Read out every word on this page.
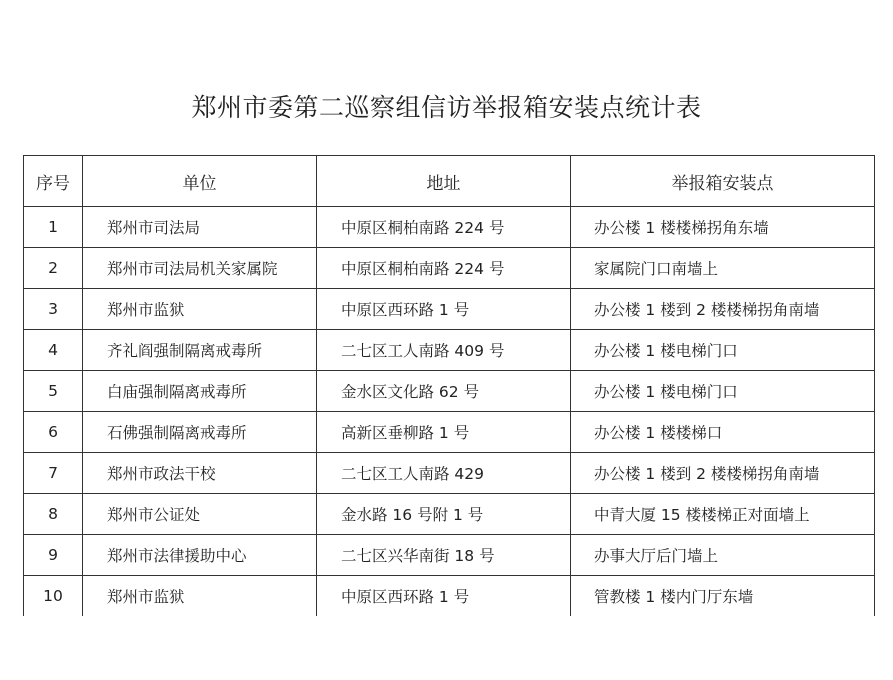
郑州市委第二巡察组信访举报箱安装点统计表
序号	单位	地址	举报箱安装点
1	郑州市司法局	中原区桐柏南路 224 号	办公楼 1 楼楼梯拐角东墙
2	郑州市司法局机关家属院	中原区桐柏南路 224 号	家属院门口南墙上
3	郑州市监狱	中原区西环路 1 号	办公楼 1 楼到 2 楼楼梯拐角南墙
4	齐礼阎强制隔离戒毒所	二七区工人南路 409 号	办公楼 1 楼电梯门口
5	白庙强制隔离戒毒所	金水区文化路 62 号	办公楼 1 楼电梯门口
6	石佛强制隔离戒毒所	高新区垂柳路 1 号	办公楼 1 楼楼梯口
7	郑州市政法干校	二七区工人南路 429	办公楼 1 楼到 2 楼楼梯拐角南墙
8	郑州市公证处	金水路 16 号附 1 号	中青大厦 15 楼楼梯正对面墙上
9	郑州市法律援助中心	二七区兴华南街 18 号	办事大厅后门墙上
10	郑州市监狱	中原区西环路 1 号	管教楼 1 楼内门厅东墙
